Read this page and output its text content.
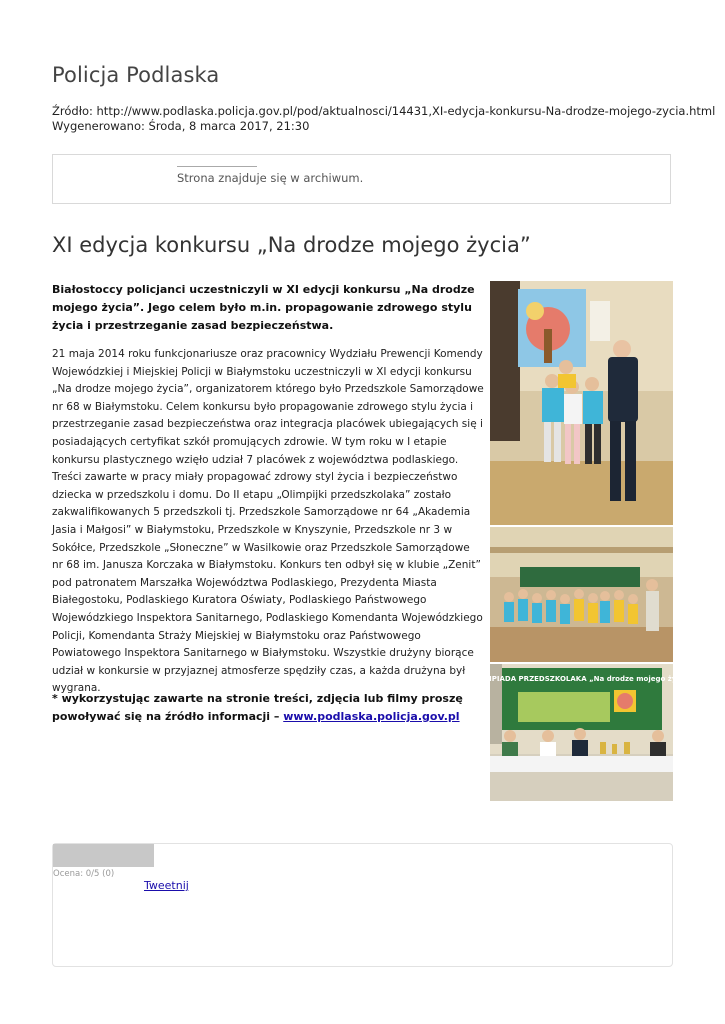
Policja Podlaska
Źródło: http://www.podlaska.policja.gov.pl/pod/aktualnosci/14431,XI-edycja-konkursu-Na-drodze-mojego-zycia.html
Wygenerowano: Środa, 8 marca 2017, 21:30
Strona znajduje się w archiwum.
XI edycja konkursu „Na drodze mojego życia”
Białostoccy policjanci uczestniczyli w XI edycji konkursu „Na drodze mojego życia”. Jego celem było m.in. propagowanie zdrowego stylu życia i przestrzeganie zasad bezpieczeństwa.
21 maja 2014 roku funkcjonariusze oraz pracownicy Wydziału Prewencji Komendy Wojewódzkiej i Miejskiej Policji w Białymstoku uczestniczyli w XI edycji konkursu „Na drodze mojego życia”, organizatorem którego było Przedszkole Samorządowe nr 68 w Białymstoku. Celem konkursu było propagowanie zdrowego stylu życia i przestrzeganie zasad bezpieczeństwa oraz integracja placówek ubiegających się i posiadających certyfikat szkół promujących zdrowie. W tym roku w I etapie konkursu plastycznego wzięło udział 7 placówek z województwa podlaskiego. Treści zawarte w pracy miały propagować zdrowy styl życia i bezpieczeństwo dziecka w przedszkolu i domu. Do II etapu „Olimpijki przedszkolaka” zostało zakwalifikowanych 5 przedszkoli tj. Przedszkole Samorządowe nr 64 „Akademia Jasia i Małgosi” w Białymstoku, Przedszkole w Knyszynie, Przedszkole nr 3 w Sokółce, Przedszkole „Słoneczne” w Wasilkowie oraz Przedszkole Samorządowe nr 68 im. Janusza Korczaka w Białymstoku. Konkurs ten odbył się w klubie „Zenit” pod patronatem Marszałka Województwa Podlaskiego, Prezydenta Miasta Białegostoku, Podlaskiego Kuratora Oświaty, Podlaskiego Państwowego Wojewódzkiego Inspektora Sanitarnego, Podlaskiego Komendanta Wojewódzkiego Policji, Komendanta Straży Miejskiej w Białymstoku oraz Państwowego Powiatowego Inspektora Sanitarnego w Białymstoku. Wszystkie drużyny biorące udział w konkursie w przyjaznej atmosferze spędziły czas, a każda drużyna był wygrana.
* wykorzystując zawarte na stronie treści, zdjęcia lub filmy proszę powoływać się na źródło informacji – www.podlaska.policja.gov.pl
OLIMPIADA PRZEDSZKOLAKA „Na drodze mojego życia”
Ocena: 0/5 (0)
Tweetnij
